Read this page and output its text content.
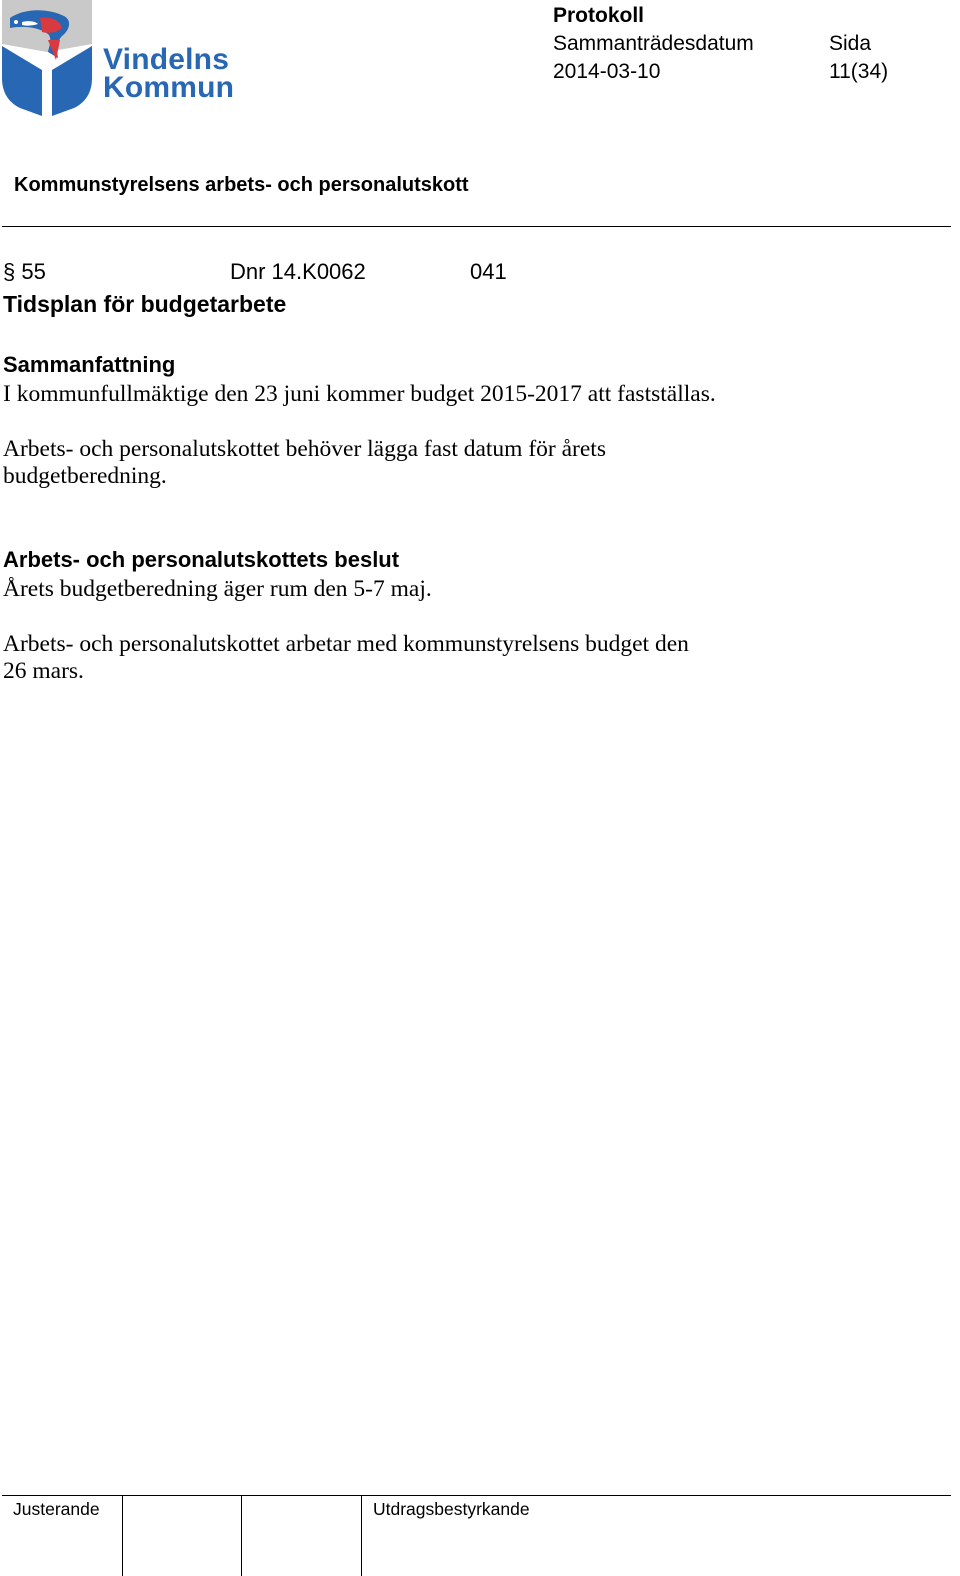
Vindelns
Kommun
Protokoll
Sammanträdesdatum
2014-03-10
Sida
11(34)
Kommunstyrelsens arbets- och personalutskott
§ 55	Dnr 14.K0062	041
Tidsplan för budgetarbete
Sammanfattning
I kommunfullmäktige den 23 juni kommer budget 2015-2017 att fastställas.
Arbets- och personalutskottet behöver lägga fast datum för årets
budgetberedning.
Arbets- och personalutskottets beslut
Årets budgetberedning äger rum den 5-7 maj.
Arbets- och personalutskottet arbetar med kommunstyrelsens budget den
26 mars.
Justerande	Utdragsbestyrkande
